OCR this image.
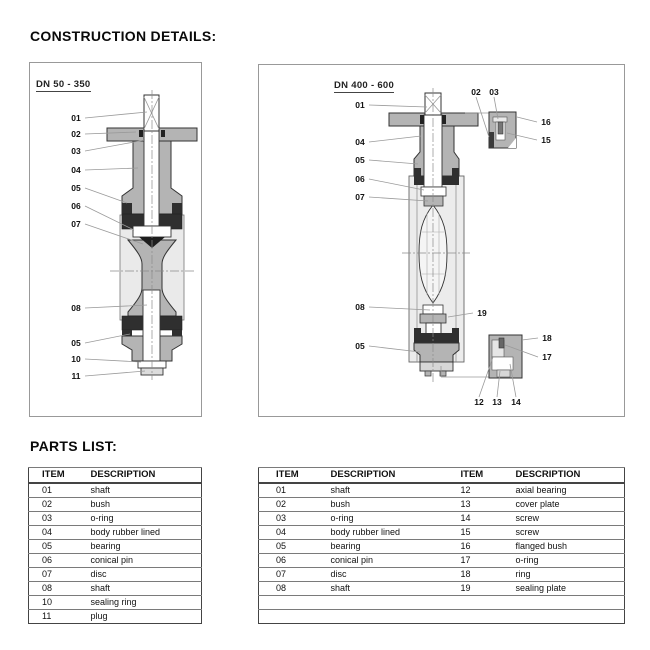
CONSTRUCTION DETAILS:
01
02
03
04
05
06
07
08
05
10
11
DN 50 - 350
01
04
05
06
07
08
05
19
02 03
16
15
18
17
12 13 14
DN 400 - 600
PARTS LIST:
ITEM	DESCRIPTION
01	shaft
02	bush
03	o-ring
04	body rubber lined
05	bearing
06	conical pin
07	disc
08	shaft
10	sealing ring
11	plug
ITEM	DESCRIPTION	ITEM	DESCRIPTION
01	shaft	12	axial bearing
02	bush	13	cover plate
03	o-ring	14	screw
04	body rubber lined	15	screw
05	bearing	16	flanged bush
06	conical pin	17	o-ring
07	disc	18	ring
08	shaft	19	sealing plate
